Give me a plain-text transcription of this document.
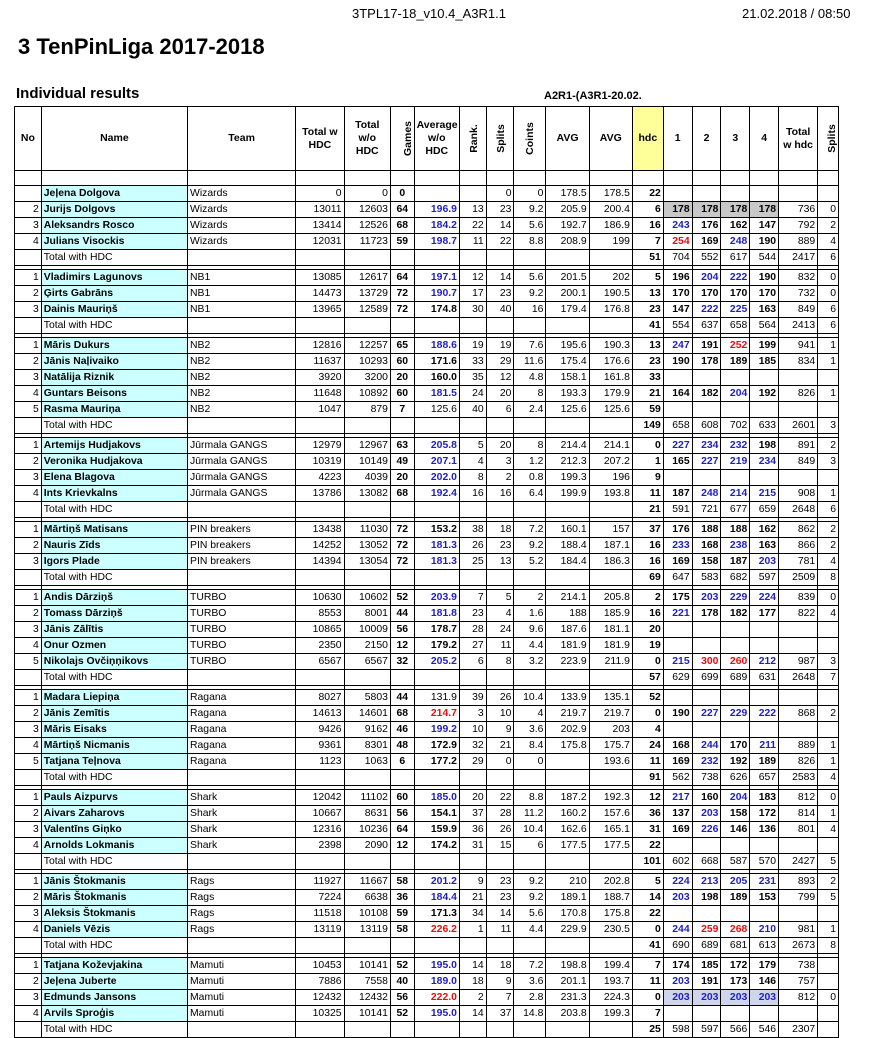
3TPL17-18_v10.4_A3R1.1	21.02.2018 / 08:50
3 TenPinLiga 2017-2018
Individual results	A2R1-(A3R1-20.02.
No	Name	Team	Total w HDC	Total w/o HDC	Games	Average w/o HDC	Rank.	Splits	Coints	AVG	AVG	hdc	1	2	3	4	Total w hdc	Splits

	Jeļena Dolgova	Wizards	0	0	0			0	0	178.5	178.5	22						
2	Jurijs Dolgovs	Wizards	13011	12603	64	196.9	13	23	9.2	205.9	200.4	6	178	178	178	178	736	0
3	Aleksandrs Rosco	Wizards	13414	12526	68	184.2	22	14	5.6	192.7	186.9	16	243	176	162	147	792	2
4	Julians Visockis	Wizards	12031	11723	59	198.7	11	22	8.8	208.9	199	7	254	169	248	190	889	4
	Total with HDC											51	704	552	617	544	2417	6

1	Vladimirs Lagunovs	NB1	13085	12617	64	197.1	12	14	5.6	201.5	202	5	196	204	222	190	832	0
2	Ģirts Gabrāns	NB1	14473	13729	72	190.7	17	23	9.2	200.1	190.5	13	170	170	170	170	732	0
3	Dainis Mauriņš	NB1	13965	12589	72	174.8	30	40	16	179.4	176.8	23	147	222	225	163	849	6
	Total with HDC											41	554	637	658	564	2413	6

1	Māris Dukurs	NB2	12816	12257	65	188.6	19	19	7.6	195.6	190.3	13	247	191	252	199	941	1
2	Jānis Naļivaiko	NB2	11637	10293	60	171.6	33	29	11.6	175.4	176.6	23	190	178	189	185	834	1
3	Natālija Riznik	NB2	3920	3200	20	160.0	35	12	4.8	158.1	161.8	33						
4	Guntars Beisons	NB2	11648	10892	60	181.5	24	20	8	193.3	179.9	21	164	182	204	192	826	1
5	Rasma Mauriņa	NB2	1047	879	7	125.6	40	6	2.4	125.6	125.6	59						
	Total with HDC											149	658	608	702	633	2601	3

1	Artemijs Hudjakovs	Jūrmala GANGS	12979	12967	63	205.8	5	20	8	214.4	214.1	0	227	234	232	198	891	2
2	Veronika Hudjakova	Jūrmala GANGS	10319	10149	49	207.1	4	3	1.2	212.3	207.2	1	165	227	219	234	849	3
3	Elena Blagova	Jūrmala GANGS	4223	4039	20	202.0	8	2	0.8	199.3	196	9						
4	Ints Krievkalns	Jūrmala GANGS	13786	13082	68	192.4	16	16	6.4	199.9	193.8	11	187	248	214	215	908	1
	Total with HDC											21	591	721	677	659	2648	6

1	Mārtiņš Matisans	PIN breakers	13438	11030	72	153.2	38	18	7.2	160.1	157	37	176	188	188	162	862	2
2	Nauris Zīds	PIN breakers	14252	13052	72	181.3	26	23	9.2	188.4	187.1	16	233	168	238	163	866	2
3	Igors Plade	PIN breakers	14394	13054	72	181.3	25	13	5.2	184.4	186.3	16	169	158	187	203	781	4
	Total with HDC											69	647	583	682	597	2509	8

1	Andis Dārziņš	TURBO	10630	10602	52	203.9	7	5	2	214.1	205.8	2	175	203	229	224	839	0
2	Tomass Dārziņš	TURBO	8553	8001	44	181.8	23	4	1.6	188	185.9	16	221	178	182	177	822	4
3	Jānis Zālītis	TURBO	10865	10009	56	178.7	28	24	9.6	187.6	181.1	20						
4	Onur Ozmen	TURBO	2350	2150	12	179.2	27	11	4.4	181.9	181.9	19						
5	Nikolajs Ovčiņņikovs	TURBO	6567	6567	32	205.2	6	8	3.2	223.9	211.9	0	215	300	260	212	987	3
	Total with HDC											57	629	699	689	631	2648	7

1	Madara Liepiņa	Ragana	8027	5803	44	131.9	39	26	10.4	133.9	135.1	52						
2	Jānis Zemītis	Ragana	14613	14601	68	214.7	3	10	4	219.7	219.7	0	190	227	229	222	868	2
3	Māris Eisaks	Ragana	9426	9162	46	199.2	10	9	3.6	202.9	203	4						
4	Mārtiņš Nicmanis	Ragana	9361	8301	48	172.9	32	21	8.4	175.8	175.7	24	168	244	170	211	889	1
5	Tatjana Teļnova	Ragana	1123	1063	6	177.2	29	0	0		193.6	11	169	232	192	189	826	1
	Total with HDC											91	562	738	626	657	2583	4

1	Pauls Aizpurvs	Shark	12042	11102	60	185.0	20	22	8.8	187.2	192.3	12	217	160	204	183	812	0
2	Aivars Zaharovs	Shark	10667	8631	56	154.1	37	28	11.2	160.2	157.6	36	137	203	158	172	814	1
3	Valentīns Giņko	Shark	12316	10236	64	159.9	36	26	10.4	162.6	165.1	31	169	226	146	136	801	4
4	Arnolds Lokmanis	Shark	2398	2090	12	174.2	31	15	6	177.5	177.5	22						
	Total with HDC											101	602	668	587	570	2427	5

1	Jānis Štokmanis	Rags	11927	11667	58	201.2	9	23	9.2	210	202.8	5	224	213	205	231	893	2
2	Māris Štokmanis	Rags	7224	6638	36	184.4	21	23	9.2	189.1	188.7	14	203	198	189	153	799	5
3	Aleksis Štokmanis	Rags	11518	10108	59	171.3	34	14	5.6	170.8	175.8	22						
4	Daniels Vēzis	Rags	13119	13119	58	226.2	1	11	4.4	229.9	230.5	0	244	259	268	210	981	1
	Total with HDC											41	690	689	681	613	2673	8

1	Tatjana Koževjakina	Mamuti	10453	10141	52	195.0	14	18	7.2	198.8	199.4	7	174	185	172	179	738	
2	Jeļena Juberte	Mamuti	7886	7558	40	189.0	18	9	3.6	201.1	193.7	11	203	191	173	146	757	
3	Edmunds Jansons	Mamuti	12432	12432	56	222.0	2	7	2.8	231.3	224.3	0	203	203	203	203	812	0
4	Arvils Sproģis	Mamuti	10325	10141	52	195.0	14	37	14.8	203.8	199.3	7						
	Total with HDC											25	598	597	566	546	2307	
